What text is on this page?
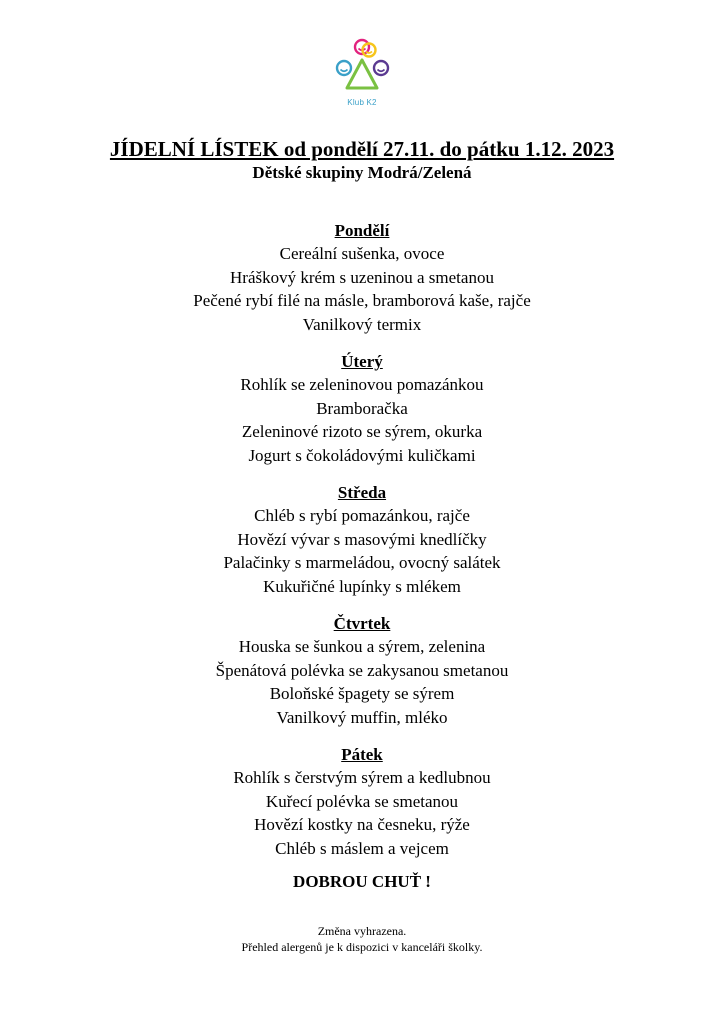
Klub K2
JÍDELNÍ LÍSTEK od pondělí 27.11. do pátku 1.12. 2023
Dětské skupiny Modrá/Zelená
Pondělí
Cereální sušenka, ovoce
Hráškový krém s uzeninou a smetanou
Pečené rybí filé na másle, bramborová kaše, rajče
Vanilkový termix
Úterý
Rohlík se zeleninovou pomazánkou
Bramboračka
Zeleninové rizoto se sýrem, okurka
Jogurt s čokoládovými kuličkami
Středa
Chléb s rybí pomazánkou, rajče
Hovězí vývar s masovými knedlíčky
Palačinky s marmeládou, ovocný salátek
Kukuřičné lupínky s mlékem
Čtvrtek
Houska se šunkou a sýrem, zelenina
Špenátová polévka se zakysanou smetanou
Boloňské špagety se sýrem
Vanilkový muffin, mléko
Pátek
Rohlík s čerstvým sýrem a kedlubnou
Kuřecí polévka se smetanou
Hovězí kostky na česneku, rýže
Chléb s máslem a vejcem
DOBROU CHUŤ !
Změna vyhrazena.
Přehled alergenů je k dispozici v kanceláři školky.
